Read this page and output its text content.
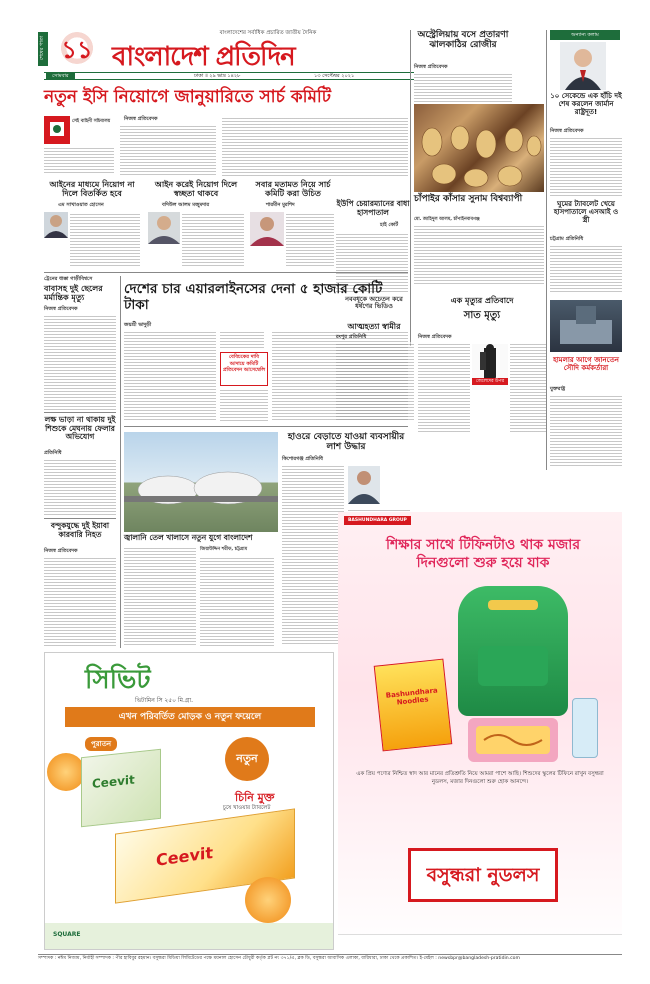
শেষের পাতা ১১
বাংলাদেশের সর্বাধিক প্রচারিত জাতীয় দৈনিক
বাংলাদেশ প্রতিদিন
সোমবার	ঢাকা ॥ ২৯ ভাদ্র ১৪২৮	১৩ সেপ্টেম্বর ২০২১
অস্ট্রেলিয়ায় বসে প্রতারণা ঝালকাঠির রোজীর
নিজস্ব প্রতিবেদক
চাঁপাইর কাঁসার সুনাম বিশ্বব্যাপী
মো. জাহিদুল আলম, চাঁপাইনবাবগঞ্জ
ইউপি চেয়ারম্যানের বাধা হাসপাতাল
হাই কোর্ট
অন্যান্য কলাম
১০ সেকেন্ডে এক হাঁচি দই শেষ করলেন জার্মান রাষ্ট্রদূত!
নিজস্ব প্রতিবেদক
ঘুমের ট্যাবলেট খেয়ে হাসপাতালে এসআই ও স্ত্রী
চট্টগ্রাম প্রতিনিধি
নতুন ইসি নিয়োগে জানুয়ারিতে সার্চ কমিটি
সেই বাহিনী সচিবালয়	নিজস্ব প্রতিবেদক
আইনের মাধ্যমে নিয়োগ না দিলে বিতর্কিত হবে
এম সাখাওয়াত হোসেন
আইন করেই নিয়োগ দিলে স্বচ্ছতা থাকবে
বদিউল আলম মজুমদার
সবার মতামত নিয়ে সার্চ কমিটি করা উচিত
শারমীন মুরশিদ
ট্রেনের ধাক্কা গাড়ীবিশ্বসে
বাবাসহ দুই ছেলের মর্মান্তিক মৃত্যু
নিজস্ব প্রতিবেদক
লক্ষ ভাড়া না থাকায় দুই শিশুকে মেঘনায় ফেলার অভিযোগ
প্রতিনিধি
বন্দুকযুদ্ধে দুই ইয়াবা কারবারি নিহত
নিজস্ব প্রতিবেদক
দেশের চার এয়ারলাইনসের দেনা ৫ হাজার কোটি টাকা
জয়শ্রী ভাদুড়ী
বেবিচকের দাবি আদায়ে কমিটি প্রতিবেদন আসেম্বেলি
নববধূকে অচেতন করে ধর্ষণের ভিডিও
আত্মহত্যা স্বামীর
রংপুর প্রতিনিধি
এক মৃত্যুর প্রতিবাদে
সাত মৃত্যু
নিজস্ব প্রতিবেদক
জেলেদের উপর
হামলার আগে জানতেন সৌদি কর্মকর্তারা
যুক্তরাষ্ট্র
জ্বালানি তেল খালাসে নতুন যুগে বাংলাদেশ
জিয়াউদ্দিন শরীফ, চট্টগ্রাম
হাওরে বেড়াতে যাওয়া ব্যবসায়ীর লাশ উদ্ধার
কিশোরগঞ্জ প্রতিনিধি
সিভিট
ভিটামিন সি ২৫০ মি.গ্রা.
এখন পরিবর্তিত মোড়ক ও নতুন ফয়েলে
পুরাতন
Ceevit
নতুন
চিনি মুক্ত
চুষে খাওয়ার ট্যাবলেট
Ceevit
SQUARE
BASHUNDHARA GROUP
শিক্ষার সাথে টিফিনটাও থাক মজার দিনগুলো শুরু হয়ে যাক
Bashundhara Noodles
এক প্রিয় পণ্যের নিশ্চিত স্বাদ আর মানের প্রতিশ্রুতি নিয়ে আমরা পাশে আছি। শিশুদের স্কুলের টিফিনে রাখুন বসুন্ধরা নুডলস, মজার দিনগুলো শুরু হোক আনন্দে।
বসুন্ধরা নুডলস
সম্পাদক : নঈম নিজাম, নির্বাহী সম্পাদক : পীর হাবিবুর রহমান। বসুন্ধরা মিডিয়া লিমিটেডের পক্ষে ময়নাল হোসেন চৌধুরী কর্তৃক প্লট নং ৩৭১/এ, ব্লক ডি, বসুন্ধরা আবাসিক এলাকা, বারিধারা, ঢাকা থেকে প্রকাশিত। ই-মেইল : newsbpr@bangladesh-pratidin.com
